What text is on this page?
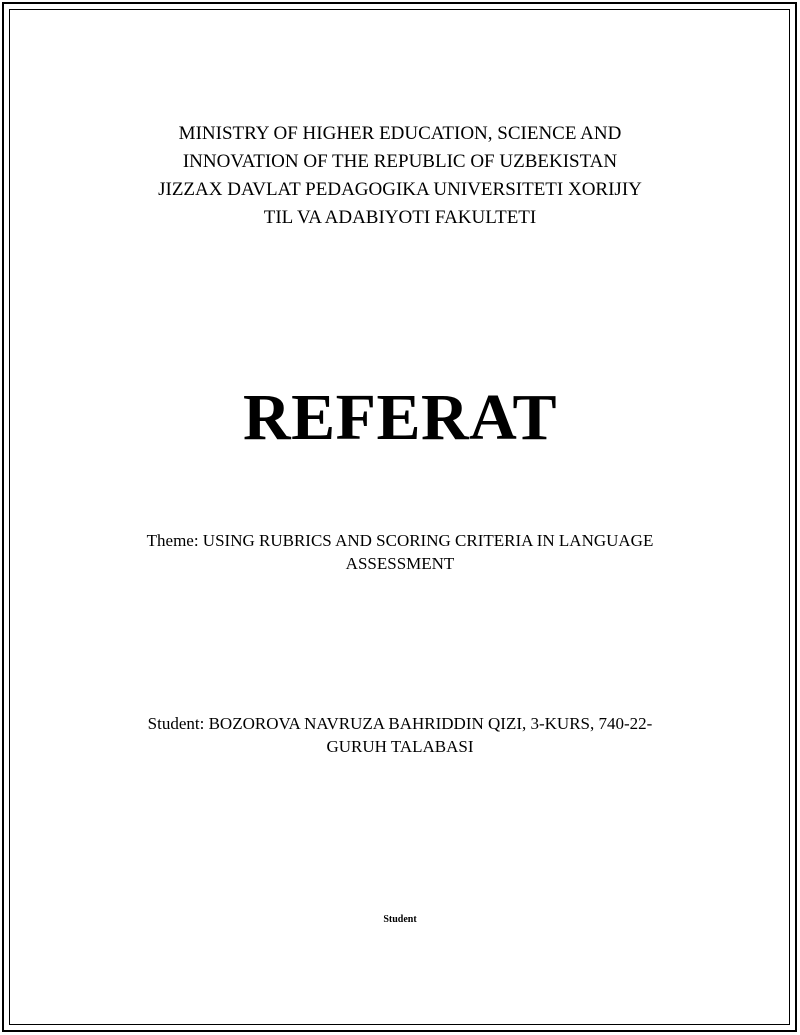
MINISTRY OF HIGHER EDUCATION, SCIENCE AND
INNOVATION OF THE REPUBLIC OF UZBEKISTAN
JIZZAX DAVLAT PEDAGOGIKA UNIVERSITETI XORIJIY
TIL VA ADABIYOTI FAKULTETI
REFERAT
Theme: USING RUBRICS AND SCORING CRITERIA IN LANGUAGE
ASSESSMENT
Student: BOZOROVA NAVRUZA BAHRIDDIN QIZI, 3-KURS, 740-22-
GURUH TALABASI
Student
